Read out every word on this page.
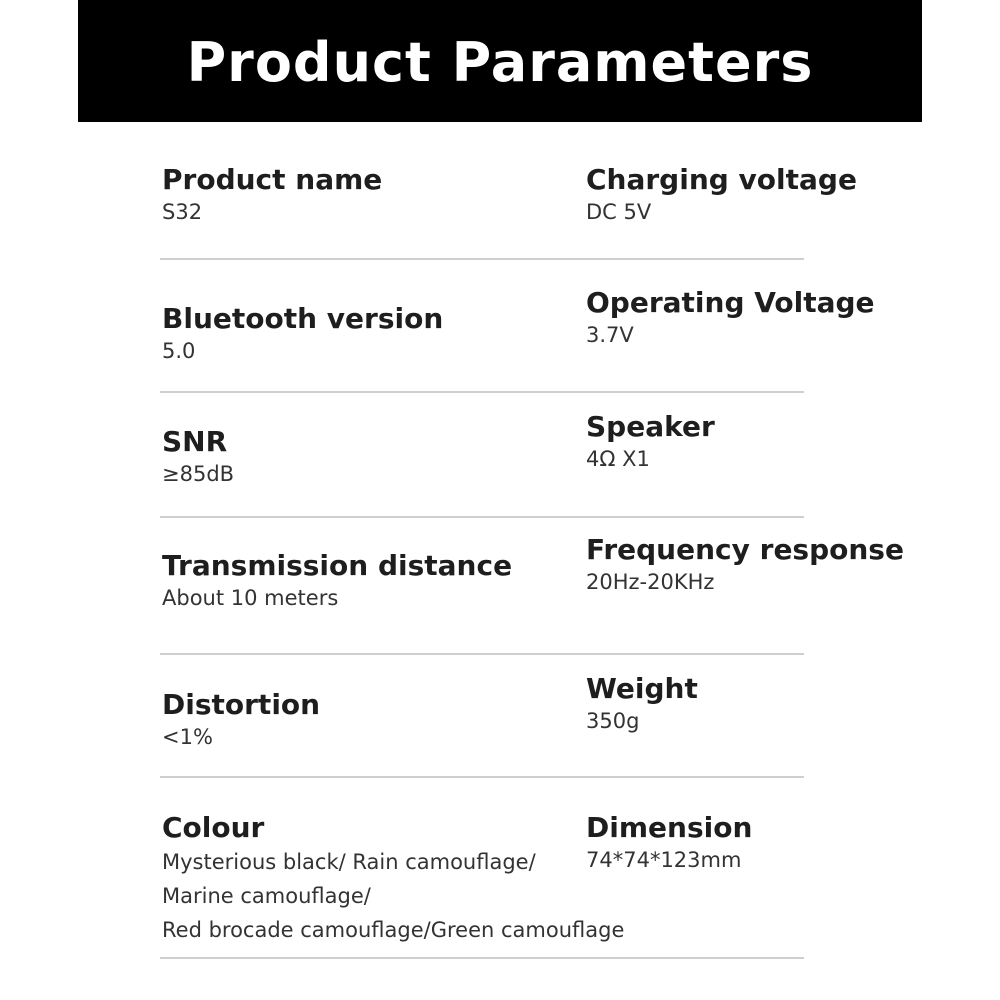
Product Parameters
Product name
S32
Charging voltage
DC 5V
Bluetooth version
5.0
Operating Voltage
3.7V
SNR
≥85dB
Speaker
4Ω X1
Transmission distance
About 10 meters
Frequency response
20Hz-20KHz
Distortion
<1%
Weight
350g
Colour
Mysterious black/ Rain camouflage/
Marine camouflage/
Red brocade camouflage/Green camouflage
Dimension
74*74*123mm
